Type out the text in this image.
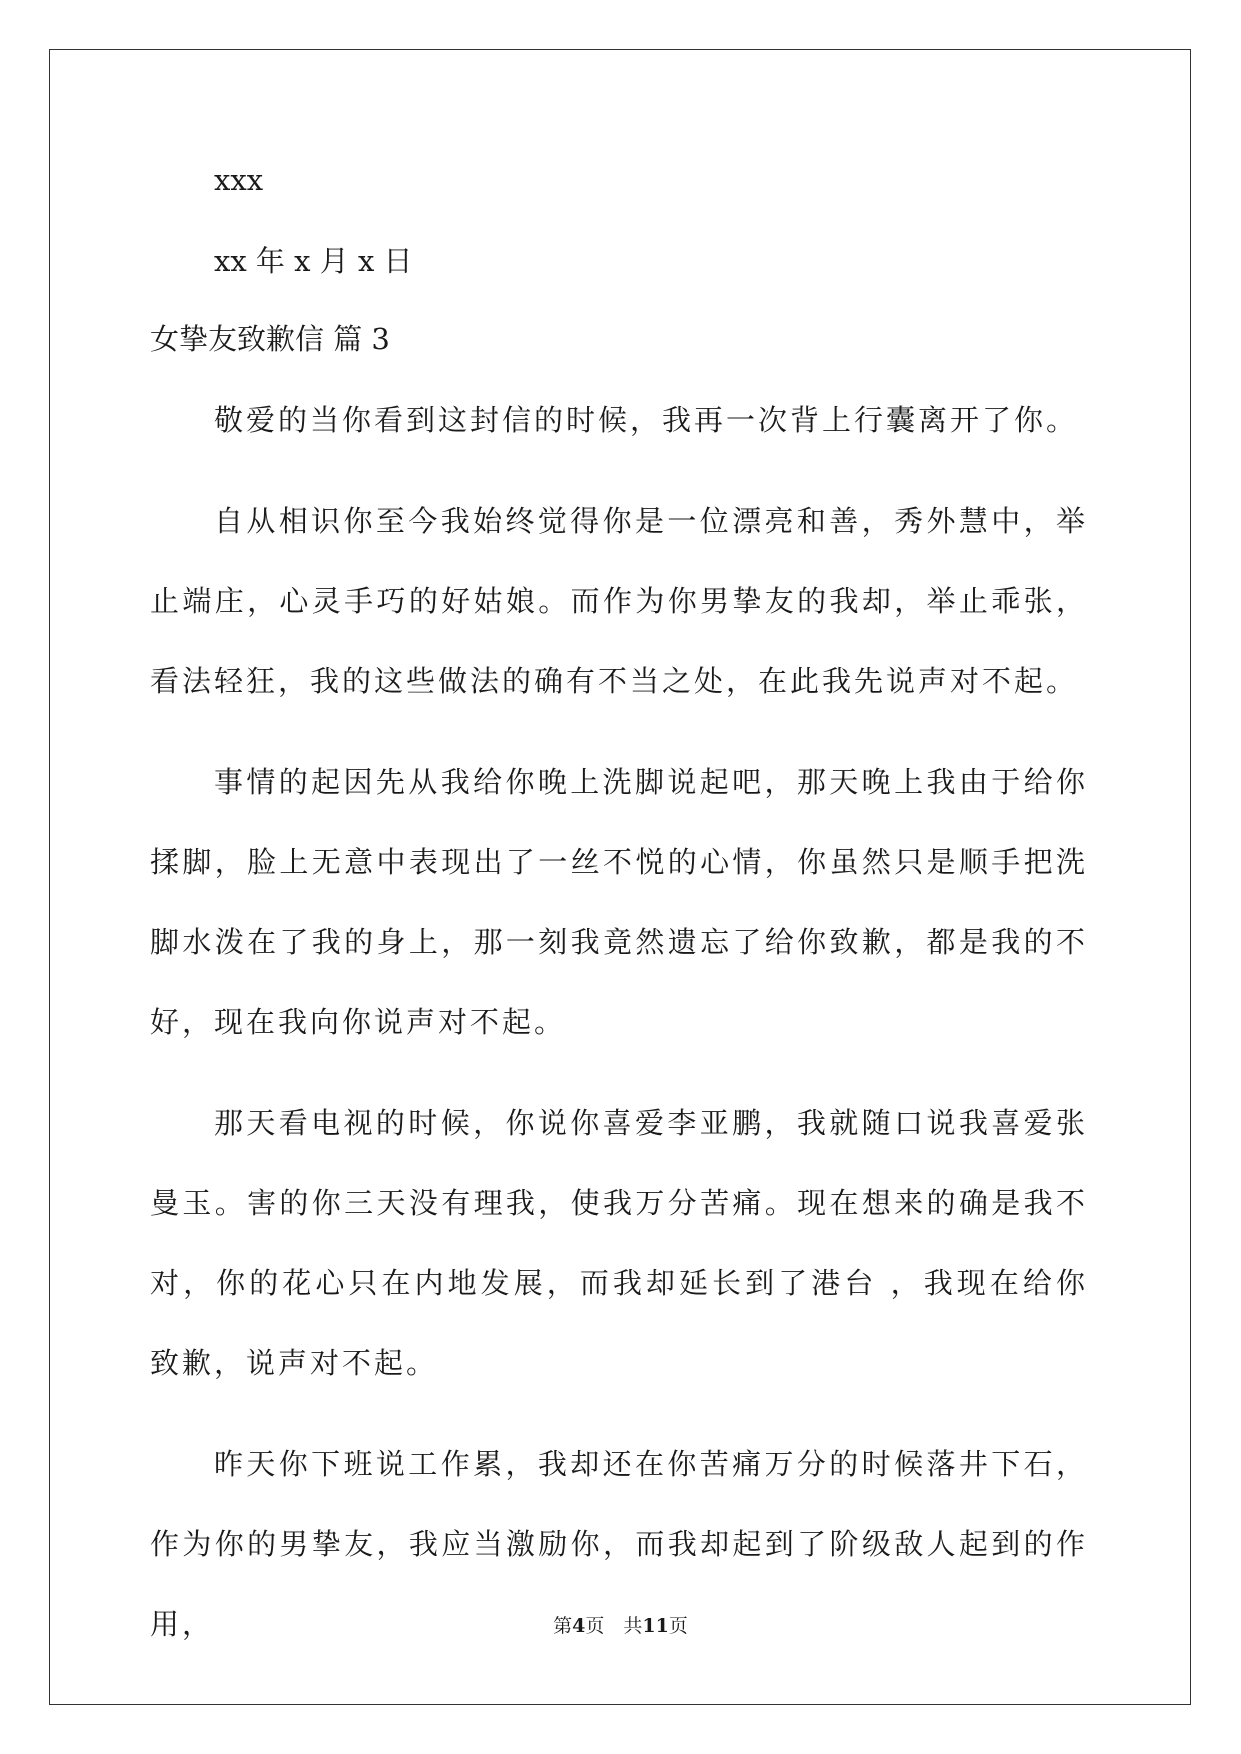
xxx

xx 年 x 月 x 日

女挚友致歉信 篇 3

敬爱的当你看到这封信的时候，我再一次背上行囊离开了你。

自从相识你至今我始终觉得你是一位漂亮和善，秀外慧中，举止端庄，心灵手巧的好姑娘。而作为你男挚友的我却，举止乖张，看法轻狂，我的这些做法的确有不当之处，在此我先说声对不起。

事情的起因先从我给你晚上洗脚说起吧，那天晚上我由于给你揉脚，脸上无意中表现出了一丝不悦的心情，你虽然只是顺手把洗脚水泼在了我的身上，那一刻我竟然遗忘了给你致歉，都是我的不好，现在我向你说声对不起。

那天看电视的时候，你说你喜爱李亚鹏，我就随口说我喜爱张曼玉。害的你三天没有理我，使我万分苦痛。现在想来的确是我不对，你的花心只在内地发展，而我却延长到了港台 ，我现在给你致歉，说声对不起。

昨天你下班说工作累，我却还在你苦痛万分的时候落井下石，作为你的男挚友，我应当激励你，而我却起到了阶级敌人起到的作用，	第4页　共11页
